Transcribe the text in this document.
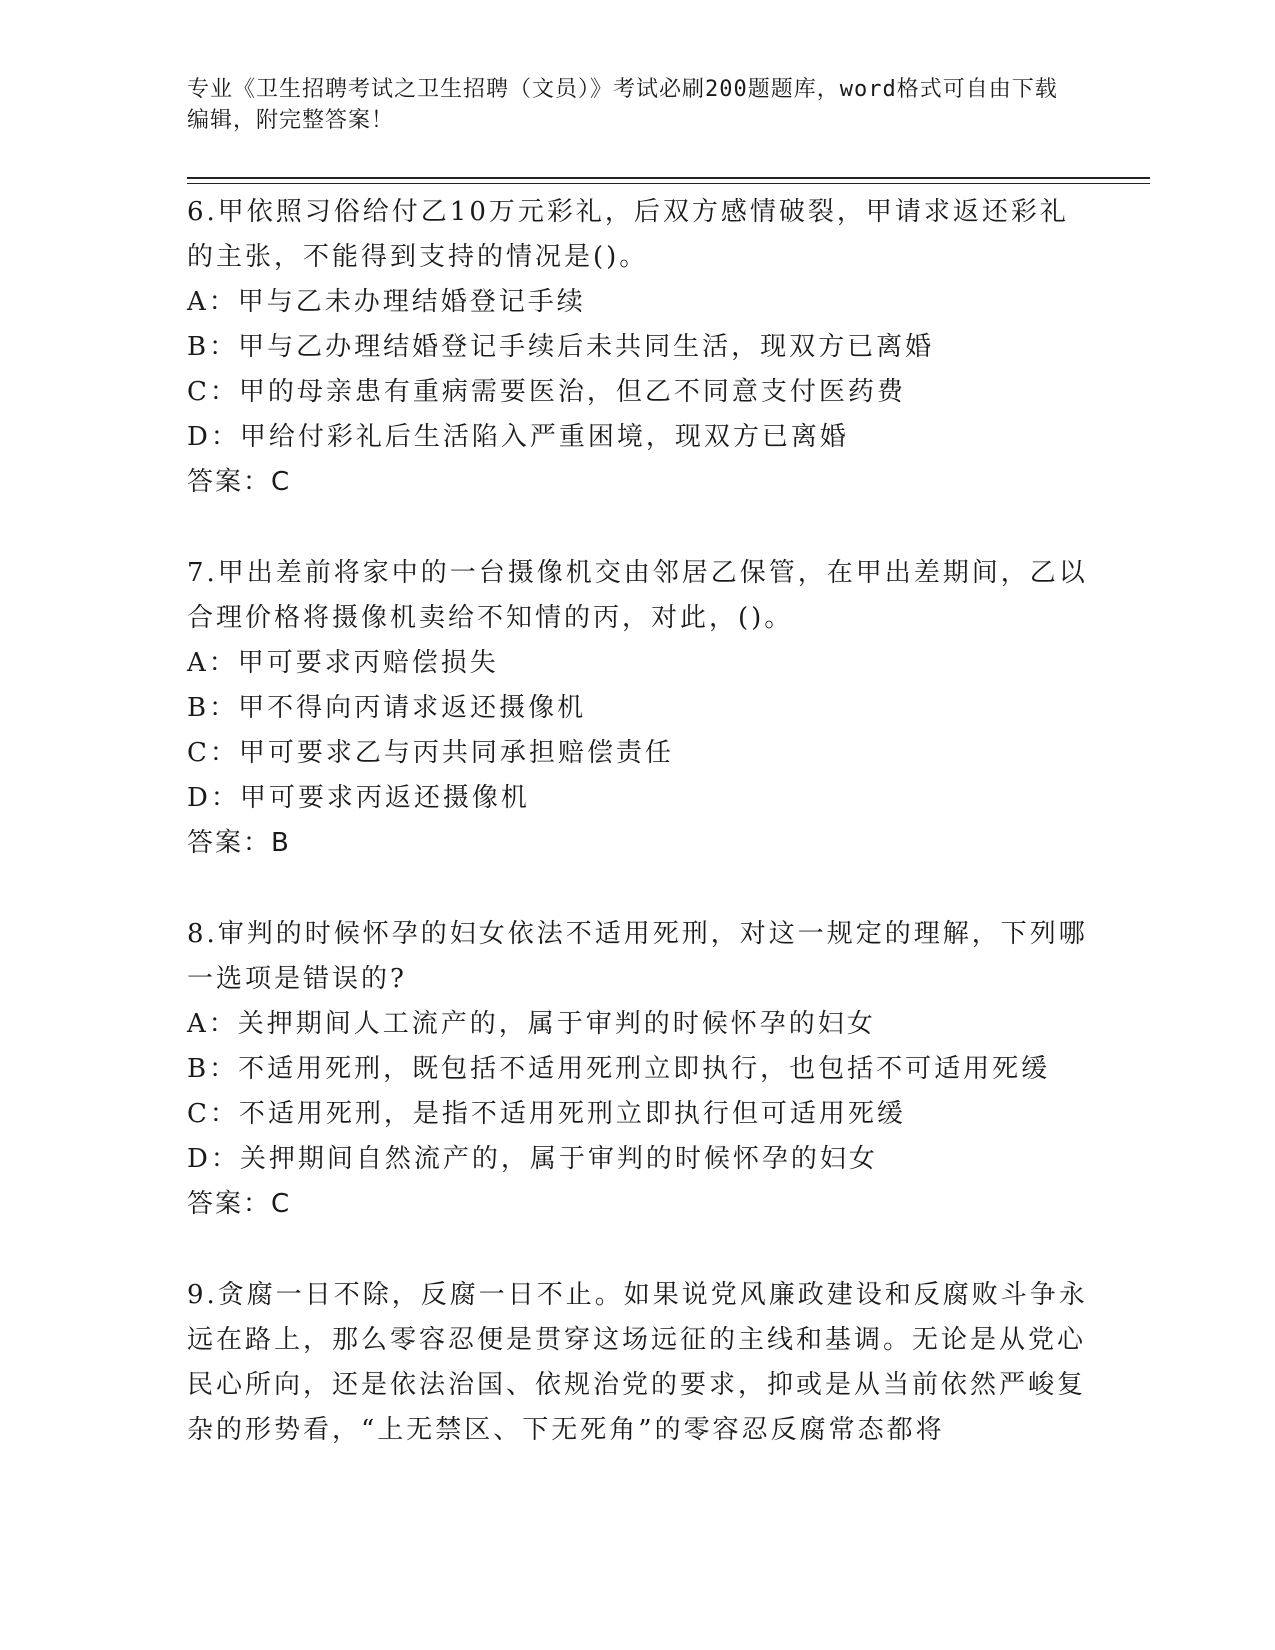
专业《卫生招聘考试之卫生招聘（文员）》考试必刷200题题库，word格式可自由下载编辑，附完整答案！

6.甲依照习俗给付乙10万元彩礼，后双方感情破裂，甲请求返还彩礼的主张，不能得到支持的情况是()。

A：甲与乙未办理结婚登记手续

B：甲与乙办理结婚登记手续后未共同生活，现双方已离婚

C：甲的母亲患有重病需要医治，但乙不同意支付医药费

D：甲给付彩礼后生活陷入严重困境，现双方已离婚

答案：C

7.甲出差前将家中的一台摄像机交由邻居乙保管，在甲出差期间，乙以合理价格将摄像机卖给不知情的丙，对此，()。

A：甲可要求丙赔偿损失

B：甲不得向丙请求返还摄像机

C：甲可要求乙与丙共同承担赔偿责任

D：甲可要求丙返还摄像机

答案：B

8.审判的时候怀孕的妇女依法不适用死刑，对这一规定的理解，下列哪一选项是错误的?

A：关押期间人工流产的，属于审判的时候怀孕的妇女

B：不适用死刑，既包括不适用死刑立即执行，也包括不可适用死缓

C：不适用死刑，是指不适用死刑立即执行但可适用死缓

D：关押期间自然流产的，属于审判的时候怀孕的妇女

答案：C

9.贪腐一日不除，反腐一日不止。如果说党风廉政建设和反腐败斗争永远在路上，那么零容忍便是贯穿这场远征的主线和基调。无论是从党心民心所向，还是依法治国、依规治党的要求，抑或是从当前依然严峻复杂的形势看，“上无禁区、下无死角”的零容忍反腐常态都将
